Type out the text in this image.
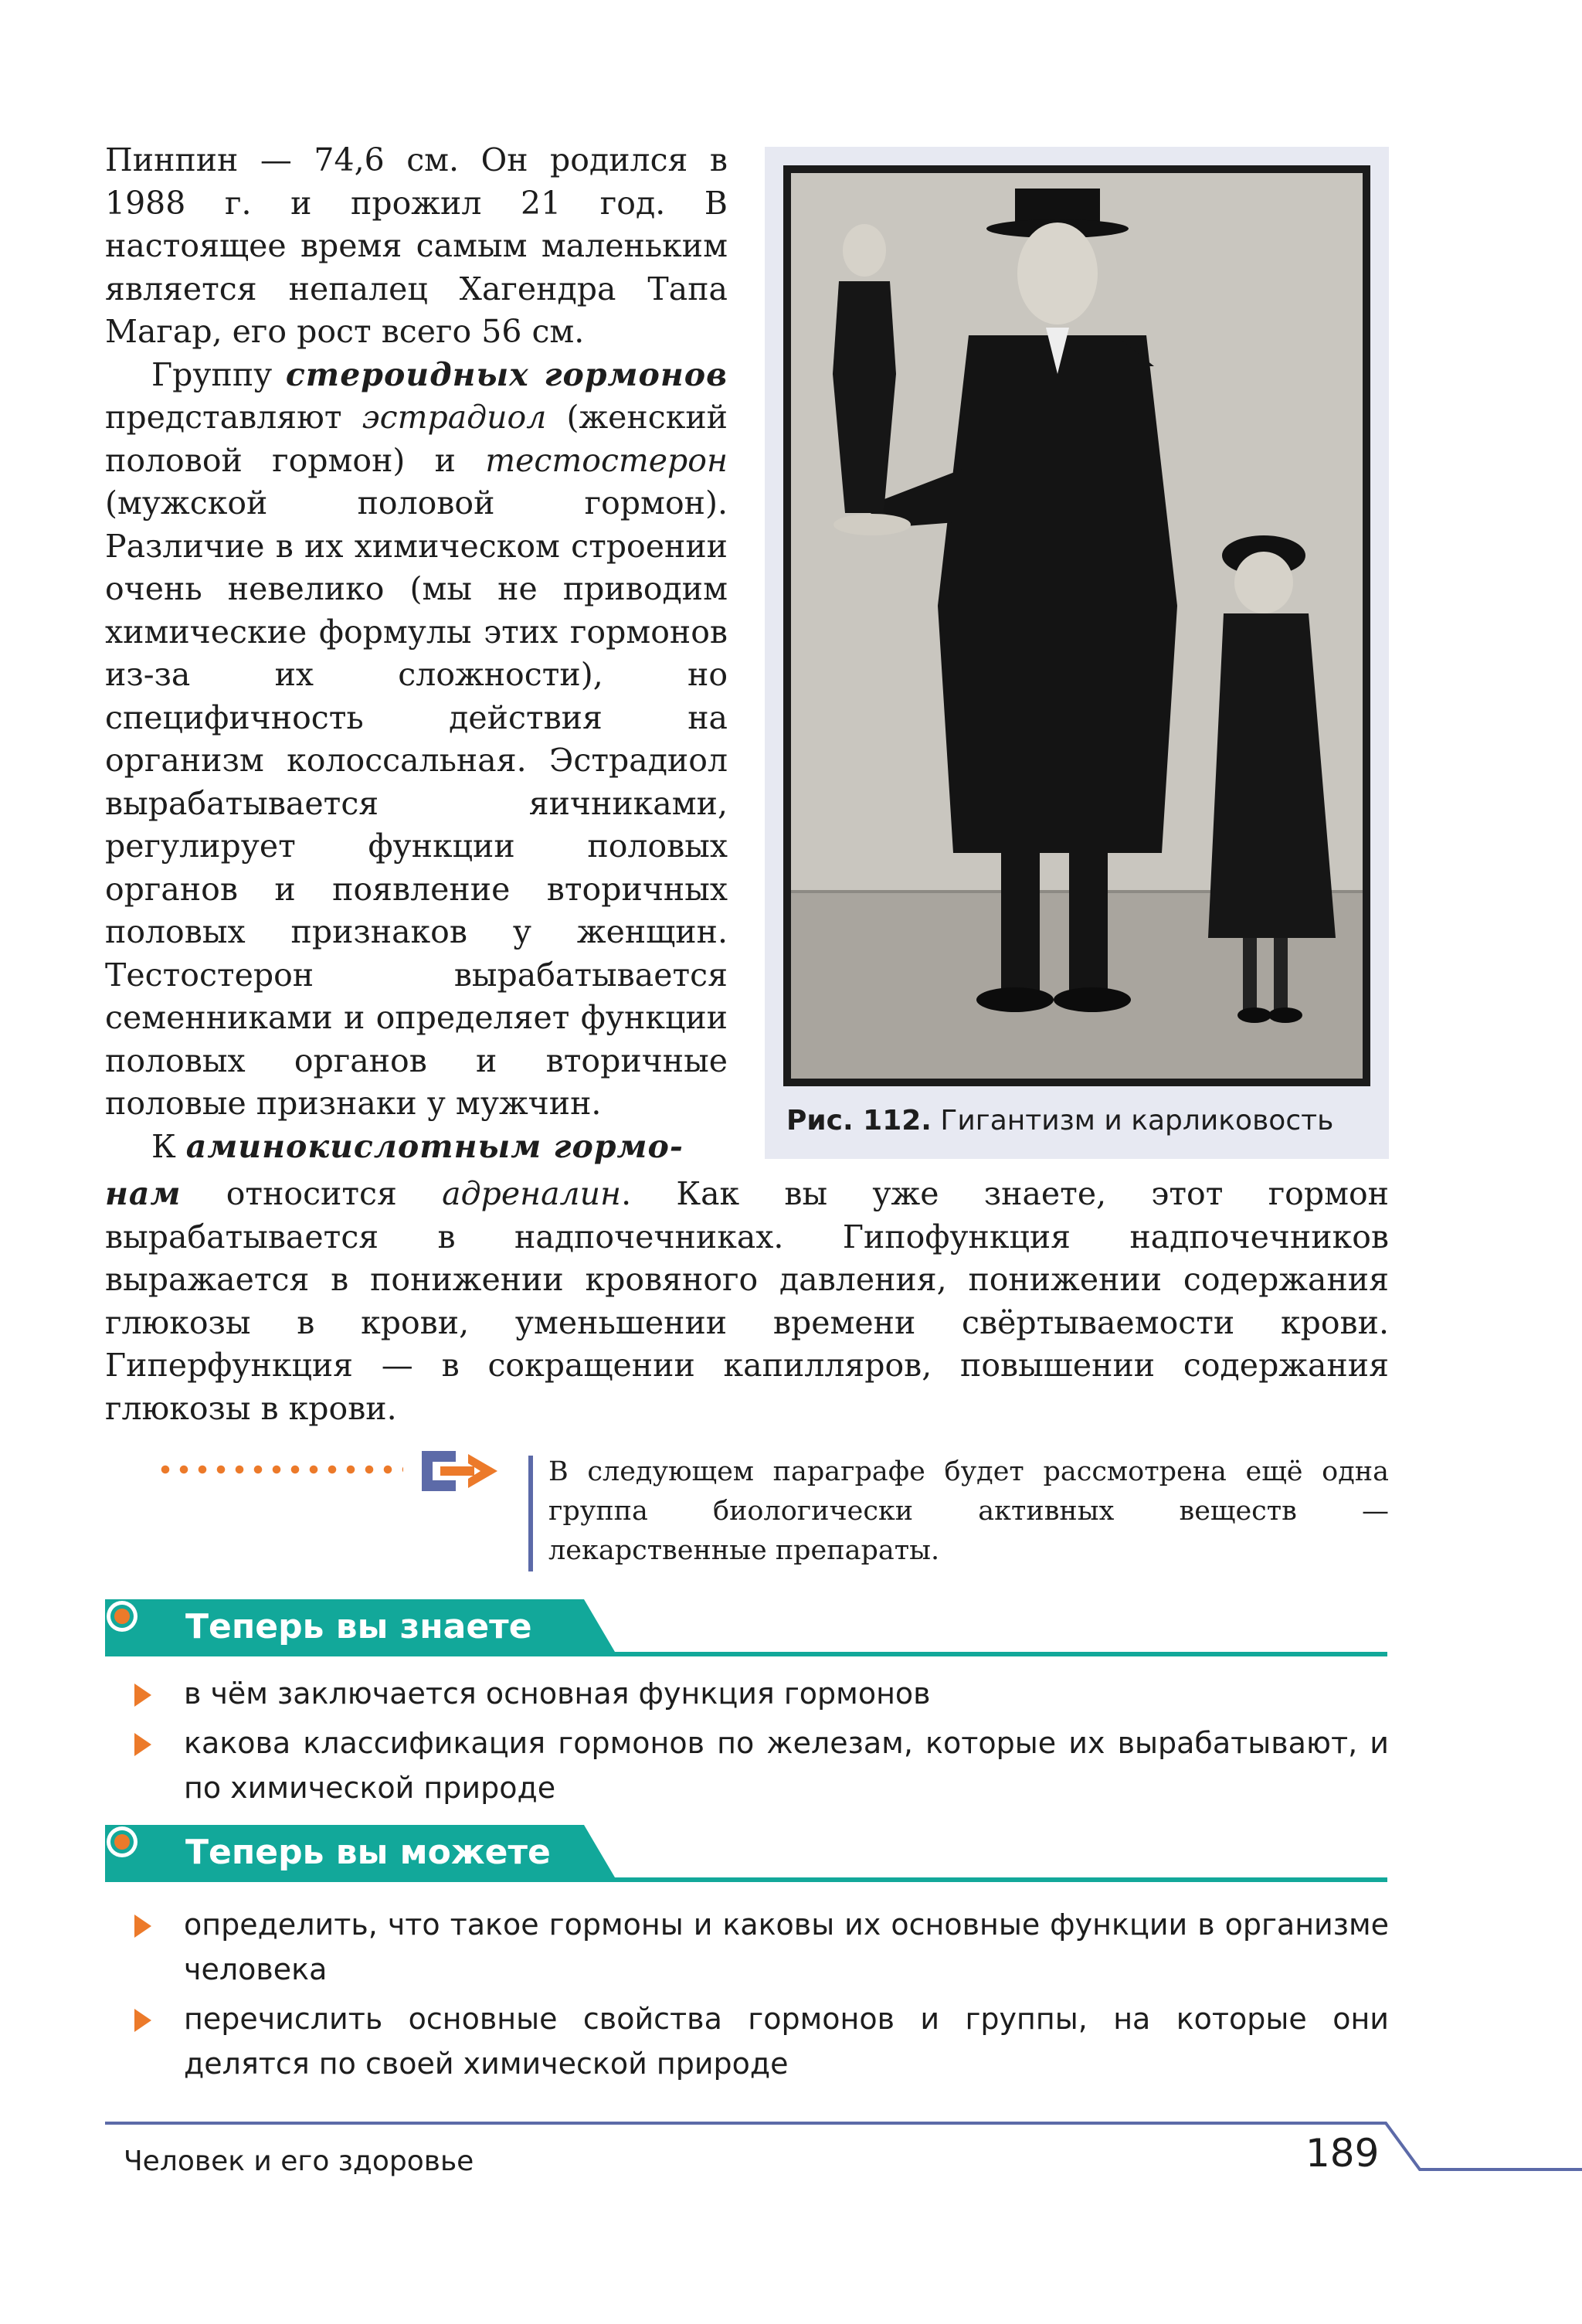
Пинпин — 74,6 см. Он родился в 1988 г. и прожил 21 год. В настоящее время самым маленьким является непалец Хагендра Тапа Магар, его рост всего 56 см.

Группу стероидных гормонов представляют эстрадиол (женский половой гормон) и тестостерон (мужской половой гормон). Различие в их химическом строении очень невелико (мы не приводим химические формулы этих гормонов из-за их сложности), но специфичность действия на организм колоссальная. Эстрадиол вырабатывается яичниками, регулирует функции половых органов и появление вторичных половых признаков у женщин. Тестостерон вырабатывается семенниками и определяет функции половых органов и вторичные половые признаки у мужчин.

К аминокислотным гормо-

Рис. 112. Гигантизм и карликовость

нам относится адреналин. Как вы уже знаете, этот гормон вырабатывается в надпочечниках. Гипофункция надпочечников выражается в понижении кровяного давления, понижении содержания глюкозы в крови, уменьшении времени свёртываемости крови. Гиперфункция — в сокращении капилляров, повышении содержания глюкозы в крови.

В следующем параграфе будет рассмотрена ещё одна группа биологически активных веществ — лекарственные препараты.
Теперь вы знаете
в чём заключается основная функция гормонов
какова классификация гормонов по железам, которые их вырабатывают, и по химической природе
Теперь вы можете
определить, что такое гормоны и каковы их основные функции в организме человека
перечислить основные свойства гормонов и группы, на которые они делятся по своей химической природе
Человек и его здоровье	189
